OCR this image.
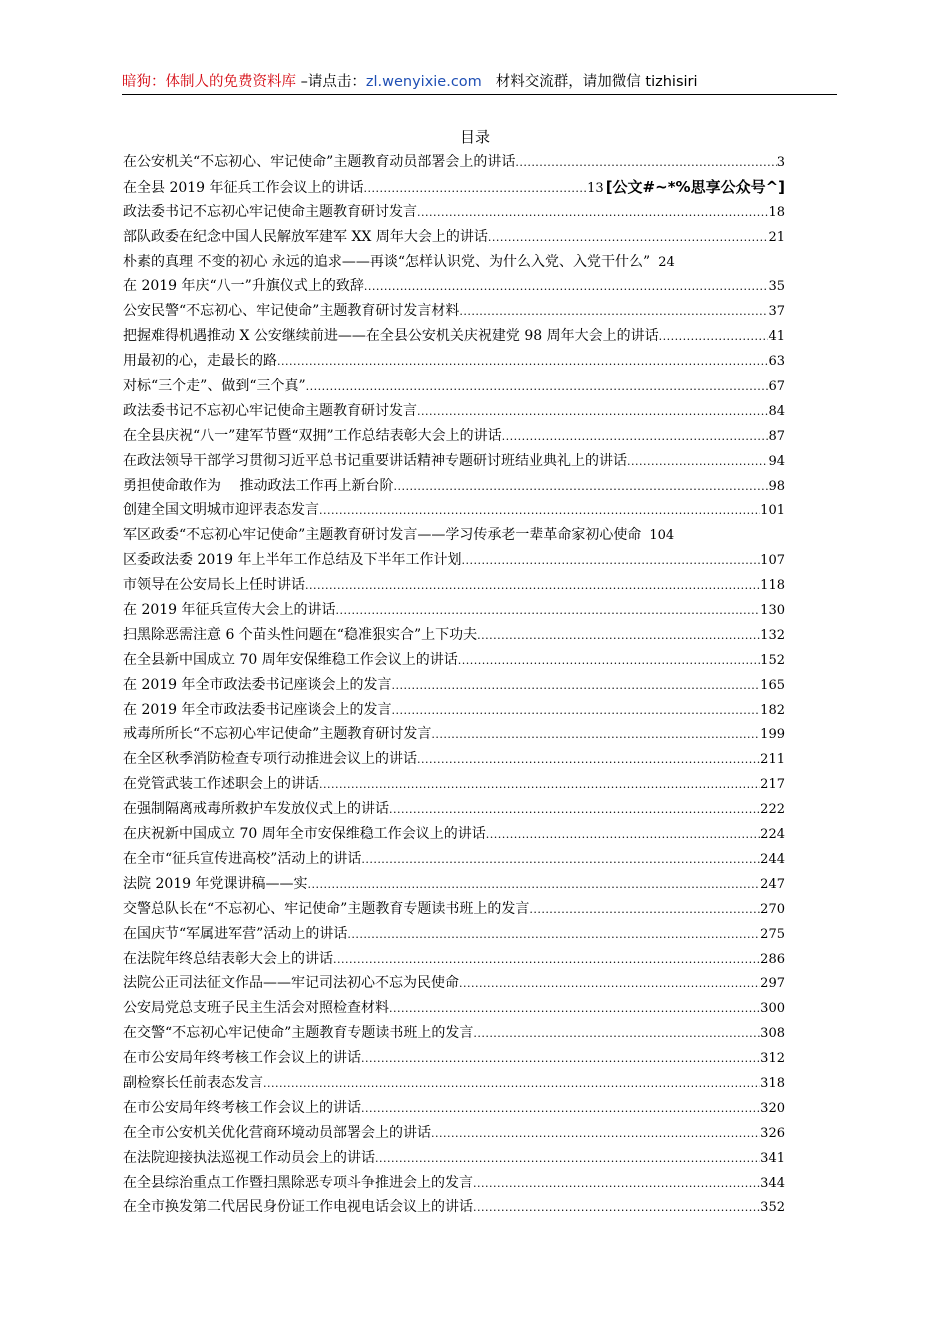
暗狗：体制人的免费资料库 –请点击：zl.wenyixie.com 材料交流群，请加微信 tizhisiri
目录
在公安机关“不忘初心、牢记使命”主题教育动员部署会上的讲话 .....	3
在全县 2019 年征兵工作会议上的讲话 .....	13 [公文#~*%思享公众号^]
政法委书记不忘初心牢记使命主题教育研讨发言 .....	18
部队政委在纪念中国人民解放军建军 XX 周年大会上的讲话 .....	21
朴素的真理 不变的初心 永远的追求——再谈“怎样认识党、为什么入党、入党干什么” 24
在 2019 年庆“八一”升旗仪式上的致辞 .....	35
公安民警“不忘初心、牢记使命”主题教育研讨发言材料 .....	37
把握难得机遇推动 X 公安继续前进——在全县公安机关庆祝建党 98 周年大会上的讲话 .....	41
用最初的心，走最长的路 .....	63
对标“三个走”、做到“三个真” .....	67
政法委书记不忘初心牢记使命主题教育研讨发言 .....	84
在全县庆祝“八一”建军节暨“双拥”工作总结表彰大会上的讲话 .....	87
在政法领导干部学习贯彻习近平总书记重要讲话精神专题研讨班结业典礼上的讲话 .....	94
勇担使命敢作为　 推动政法工作再上新台阶 .....	98
创建全国文明城市迎评表态发言 .....	101
军区政委“不忘初心牢记使命”主题教育研讨发言——学习传承老一辈革命家初心使命 104
区委政法委 2019 年上半年工作总结及下半年工作计划 .....	107
市领导在公安局长上任时讲话 .....	118
在 2019 年征兵宣传大会上的讲话 .....	130
扫黑除恶需注意 6 个苗头性问题在“稳准狠实合”上下功夫 .....	132
在全县新中国成立 70 周年安保维稳工作会议上的讲话 .....	152
在 2019 年全市政法委书记座谈会上的发言 .....	165
在 2019 年全市政法委书记座谈会上的发言 .....	182
戒毒所所长“不忘初心牢记使命”主题教育研讨发言 .....	199
在全区秋季消防检查专项行动推进会议上的讲话 .....	211
在党管武装工作述职会上的讲话 .....	217
在强制隔离戒毒所救护车发放仪式上的讲话 .....	222
在庆祝新中国成立 70 周年全市安保维稳工作会议上的讲话 .....	224
在全市“征兵宣传进高校”活动上的讲话 .....	244
法院 2019 年党课讲稿——实 .....	247
交警总队长在“不忘初心、牢记使命”主题教育专题读书班上的发言 .....	270
在国庆节“军属进军营”活动上的讲话 .....	275
在法院年终总结表彰大会上的讲话 .....	286
法院公正司法征文作品——牢记司法初心不忘为民使命 .....	297
公安局党总支班子民主生活会对照检查材料 .....	300
在交警“不忘初心牢记使命”主题教育专题读书班上的发言 .....	308
在市公安局年终考核工作会议上的讲话 .....	312
副检察长任前表态发言 .....	318
在市公安局年终考核工作会议上的讲话 .....	320
在全市公安机关优化营商环境动员部署会上的讲话 .....	326
在法院迎接执法巡视工作动员会上的讲话 .....	341
在全县综治重点工作暨扫黑除恶专项斗争推进会上的发言 .....	344
在全市换发第二代居民身份证工作电视电话会议上的讲话 .....	352
